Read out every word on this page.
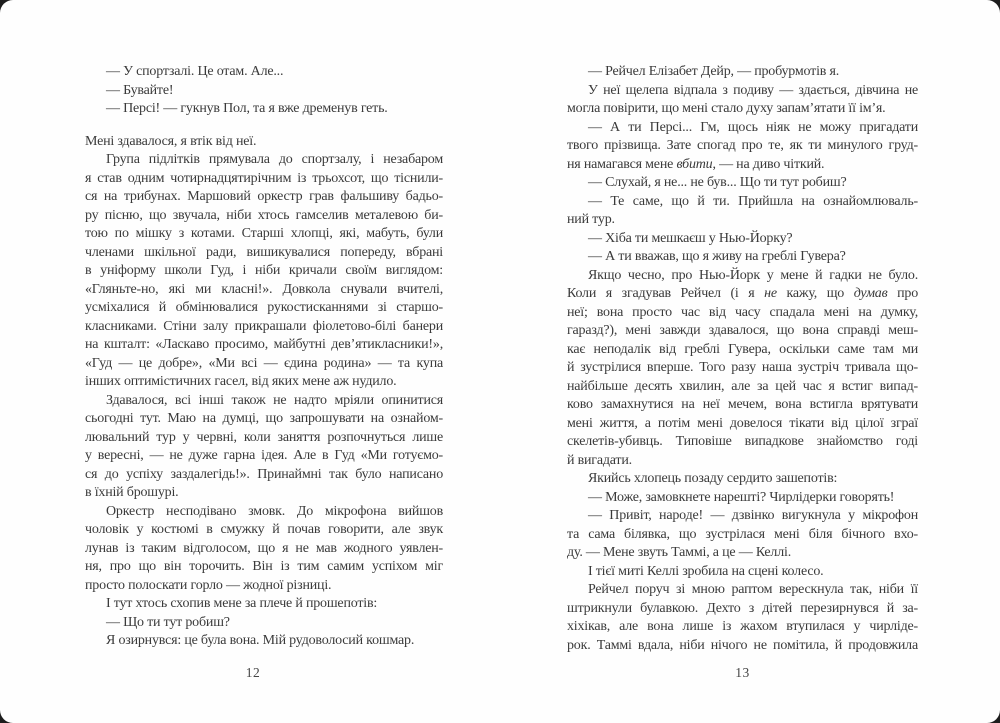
— У спортзалі. Це отам. Але...
— Бувайте!
— Персі! — гукнув Пол, та я вже дременув геть.
Мені здавалося, я втік від неї.
Група підлітків прямувала до спортзалу, і незабаром
я став одним чотирнадцятирічним із трьохсот, що тіснили-
ся на трибунах. Маршовий оркестр грав фальшиву бадьо-
ру пісню, що звучала, ніби хтось гамселив металевою би-
тою по мішку з котами. Старші хлопці, які, мабуть, були
членами шкільної ради, вишикувалися попереду, вбрані
в уніформу школи Гуд, і ніби кричали своїм виглядом:
«Гляньте-но, які ми класні!». Довкола снували вчителі,
усміхалися й обмінювалися рукостисканнями зі старшо-
класниками. Стіни залу прикрашали фіолетово-білі банери
на кшталт: «Ласкаво просимо, майбутні дев’ятикласники!»,
«Гуд — це добре», «Ми всі — єдина родина» — та купа
інших оптимістичних гасел, від яких мене аж нудило.
Здавалося, всі інші також не надто мріяли опинитися
сьогодні тут. Маю на думці, що запрошувати на ознайом-
лювальний тур у червні, коли заняття розпочнуться лише
у вересні, — не дуже гарна ідея. Але в Гуд «Ми готуємо-
ся до успіху заздалегідь!». Принаймні так було написано
в їхній брошурі.
Оркестр несподівано змовк. До мікрофона вийшов
чоловік у костюмі в смужку й почав говорити, але звук
лунав із таким відголосом, що я не мав жодного уявлен-
ня, про що він торочить. Він із тим самим успіхом міг
просто полоскати горло — жодної різниці.
І тут хтось схопив мене за плече й прошепотів:
— Що ти тут робиш?
Я озирнувся: це була вона. Мій рудоволосий кошмар.
— Рейчел Елізабет Дейр, — пробурмотів я.
У неї щелепа відпала з подиву — здається, дівчина не
могла повірити, що мені стало духу запам’ятати її ім’я.
— А ти Персі... Гм, щось ніяк не можу пригадати
твого прізвища. Зате спогад про те, як ти минулого груд-
ня намагався мене вбити, — на диво чіткий.
— Слухай, я не... не був... Що ти тут робиш?
— Те саме, що й ти. Прийшла на ознайомлюваль-
ний тур.
— Хіба ти мешкаєш у Нью-Йорку?
— А ти вважав, що я живу на греблі Гувера?
Якщо чесно, про Нью-Йорк у мене й гадки не було.
Коли я згадував Рейчел (і я не кажу, що думав про
неї; вона просто час від часу спадала мені на думку,
гаразд?), мені завжди здавалося, що вона справді меш-
кає неподалік від греблі Гувера, оскільки саме там ми
й зустрілися вперше. Того разу наша зустріч тривала що-
найбільше десять хвилин, але за цей час я встиг випад-
ково замахнутися на неї мечем, вона встигла врятувати
мені життя, а потім мені довелося тікати від цілої зграї
скелетів-убивць. Типовіше випадкове знайомство годі
й вигадати.
Якийсь хлопець позаду сердито зашепотів:
— Може, замовкнете нарешті? Чирлідерки говорять!
— Привіт, народе! — дзвінко вигукнула у мікрофон
та сама білявка, що зустрілася мені біля бічного вхо-
ду. — Мене звуть Таммі, а це — Келлі.
І тієї миті Келлі зробила на сцені колесо.
Рейчел поруч зі мною раптом верескнула так, ніби її
штрикнули булавкою. Дехто з дітей перезирнувся й за-
хіхікав, але вона лише із жахом втупилася у чирліде-
рок. Таммі вдала, ніби нічого не помітила, й продовжила
12	13
